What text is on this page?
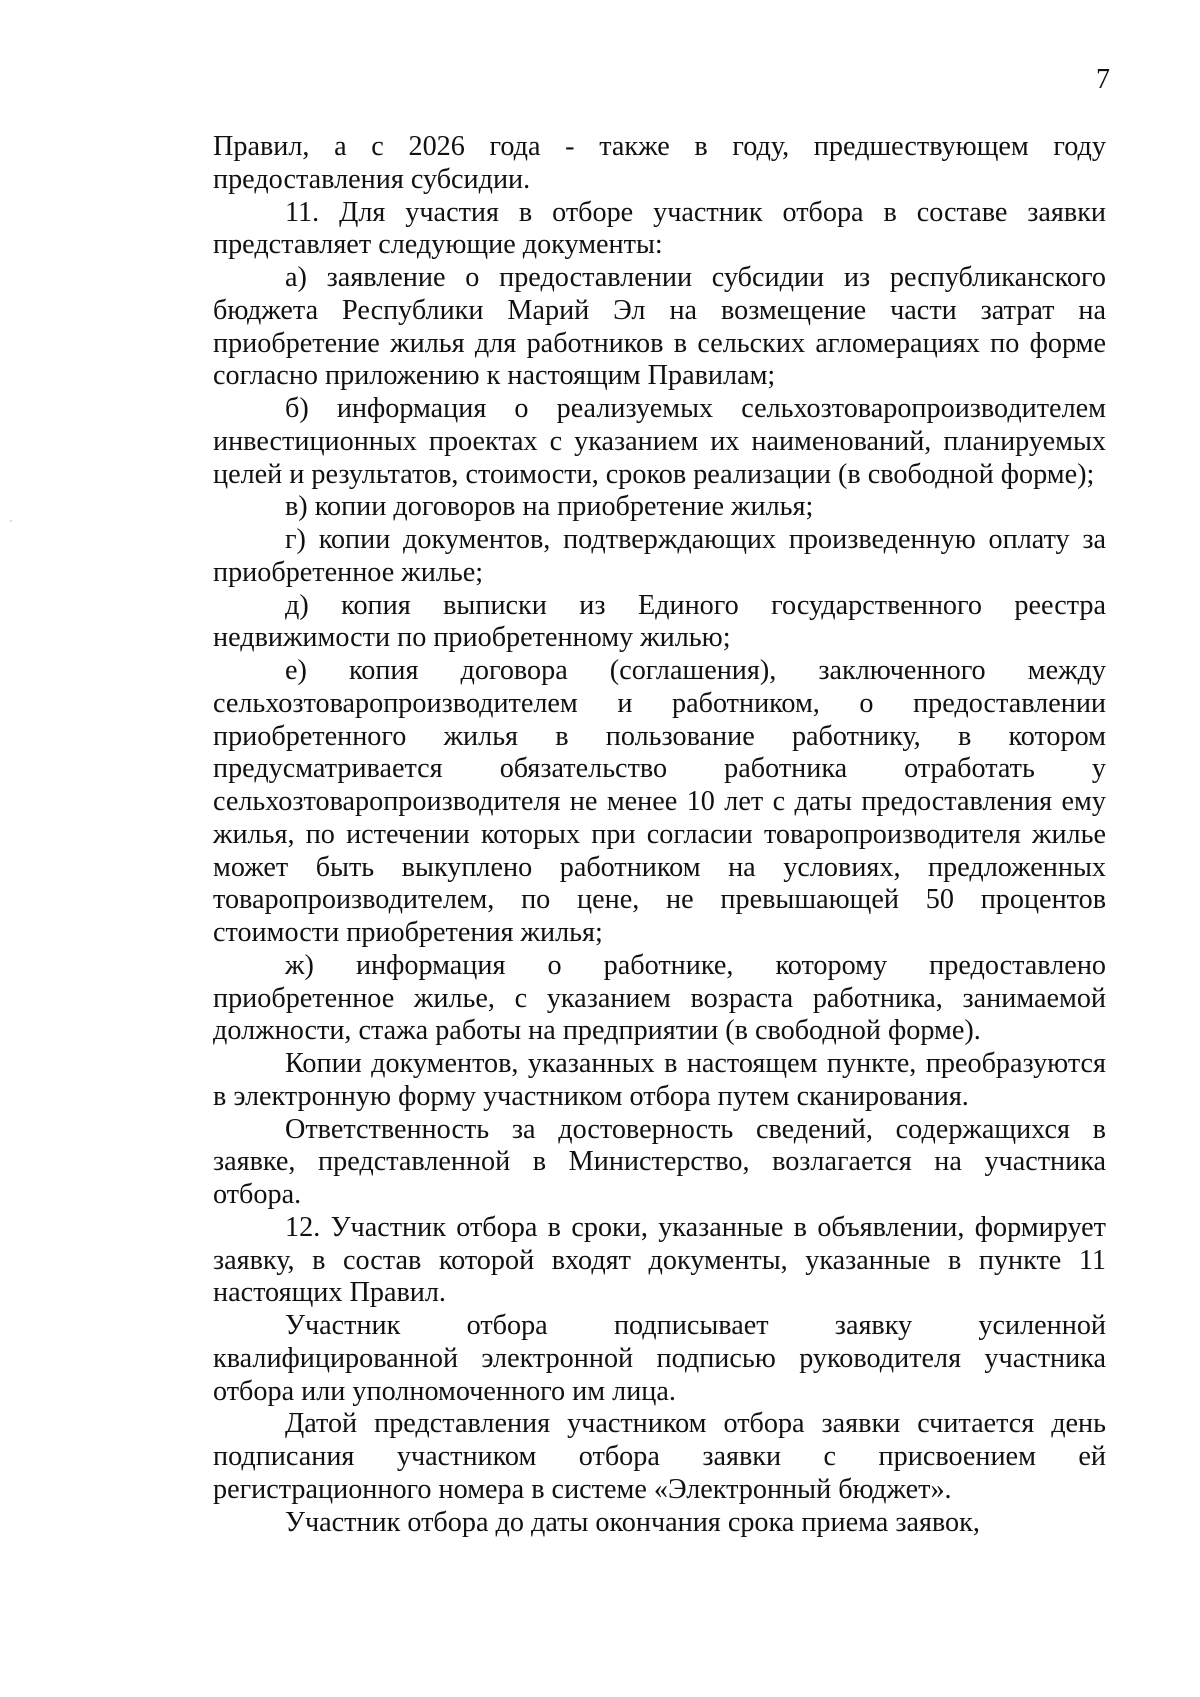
7

Правил, а с 2026 года - также в году, предшествующем году предоставления субсидии.

11. Для участия в отборе участник отбора в составе заявки представляет следующие документы:

а) заявление о предоставлении субсидии из республиканского бюджета Республики Марий Эл на возмещение части затрат на приобретение жилья для работников в сельских агломерациях по форме согласно приложению к настоящим Правилам;

б) информация о реализуемых сельхозтоваропроизводителем инвестиционных проектах с указанием их наименований, планируемых целей и результатов, стоимости, сроков реализации (в свободной форме);

в) копии договоров на приобретение жилья;

г) копии документов, подтверждающих произведенную оплату за приобретенное жилье;

д) копия выписки из Единого государственного реестра недвижимости по приобретенному жилью;

е) копия договора (соглашения), заключенного между сельхозтоваропроизводителем и работником, о предоставлении приобретенного жилья в пользование работнику, в котором предусматривается обязательство работника отработать у сельхозтоваропроизводителя не менее 10 лет с даты предоставления ему жилья, по истечении которых при согласии товаропроизводителя жилье может быть выкуплено работником на условиях, предложенных товаропроизводителем, по цене, не превышающей 50 процентов стоимости приобретения жилья;

ж) информация о работнике, которому предоставлено приобретенное жилье, с указанием возраста работника, занимаемой должности, стажа работы на предприятии (в свободной форме).

Копии документов, указанных в настоящем пункте, преобразуются в электронную форму участником отбора путем сканирования.

Ответственность за достоверность сведений, содержащихся в заявке, представленной в Министерство, возлагается на участника отбора.

12. Участник отбора в сроки, указанные в объявлении, формирует заявку, в состав которой входят документы, указанные в пункте 11 настоящих Правил.

Участник отбора подписывает заявку усиленной квалифицированной электронной подписью руководителя участника отбора или уполномоченного им лица.

Датой представления участником отбора заявки считается день подписания участником отбора заявки с присвоением ей регистрационного номера в системе «Электронный бюджет».

Участник отбора до даты окончания срока приема заявок,
